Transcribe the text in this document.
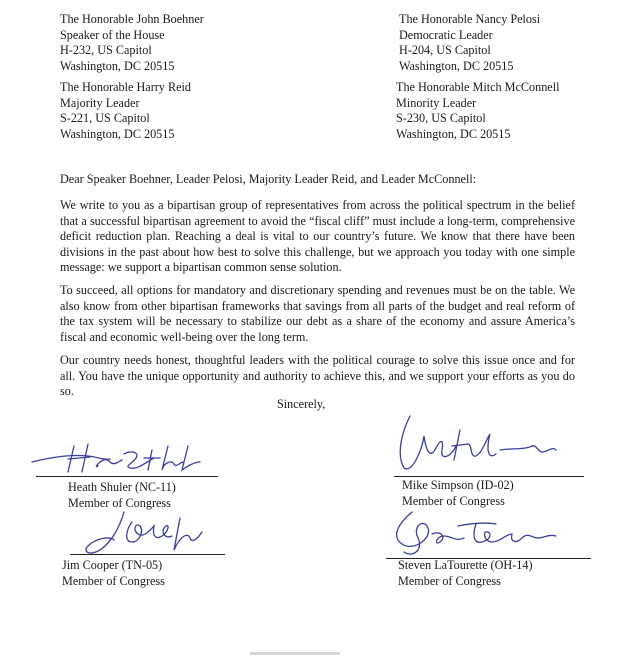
The Honorable John Boehner
Speaker of the House
H-232, US Capitol
Washington, DC 20515
The Honorable Nancy Pelosi
Democratic Leader
H-204, US Capitol
Washington, DC 20515
The Honorable Harry Reid
Majority Leader
S-221, US Capitol
Washington, DC 20515
The Honorable Mitch McConnell
Minority Leader
S-230, US Capitol
Washington, DC 20515
Dear Speaker Boehner, Leader Pelosi, Majority Leader Reid, and Leader McConnell:

We write to you as a bipartisan group of representatives from across the political spectrum in the belief that a successful bipartisan agreement to avoid the “fiscal cliff” must include a long-term, comprehensive deficit reduction plan. Reaching a deal is vital to our country’s future. We know that there have been divisions in the past about how best to solve this challenge, but we approach you today with one simple message: we support a bipartisan common sense solution.

To succeed, all options for mandatory and discretionary spending and revenues must be on the table. We also know from other bipartisan frameworks that savings from all parts of the budget and real reform of the tax system will be necessary to stabilize our debt as a share of the economy and assure America’s fiscal and economic well-being over the long term.

Our country needs honest, thoughtful leaders with the political courage to solve this issue once and for all. You have the unique opportunity and authority to achieve this, and we support your efforts as you do so.

Sincerely,
Heath Shuler (NC-11)
Member of Congress
Mike Simpson (ID-02)
Member of Congress
Jim Cooper (TN-05)
Member of Congress
Steven LaTourette (OH-14)
Member of Congress
